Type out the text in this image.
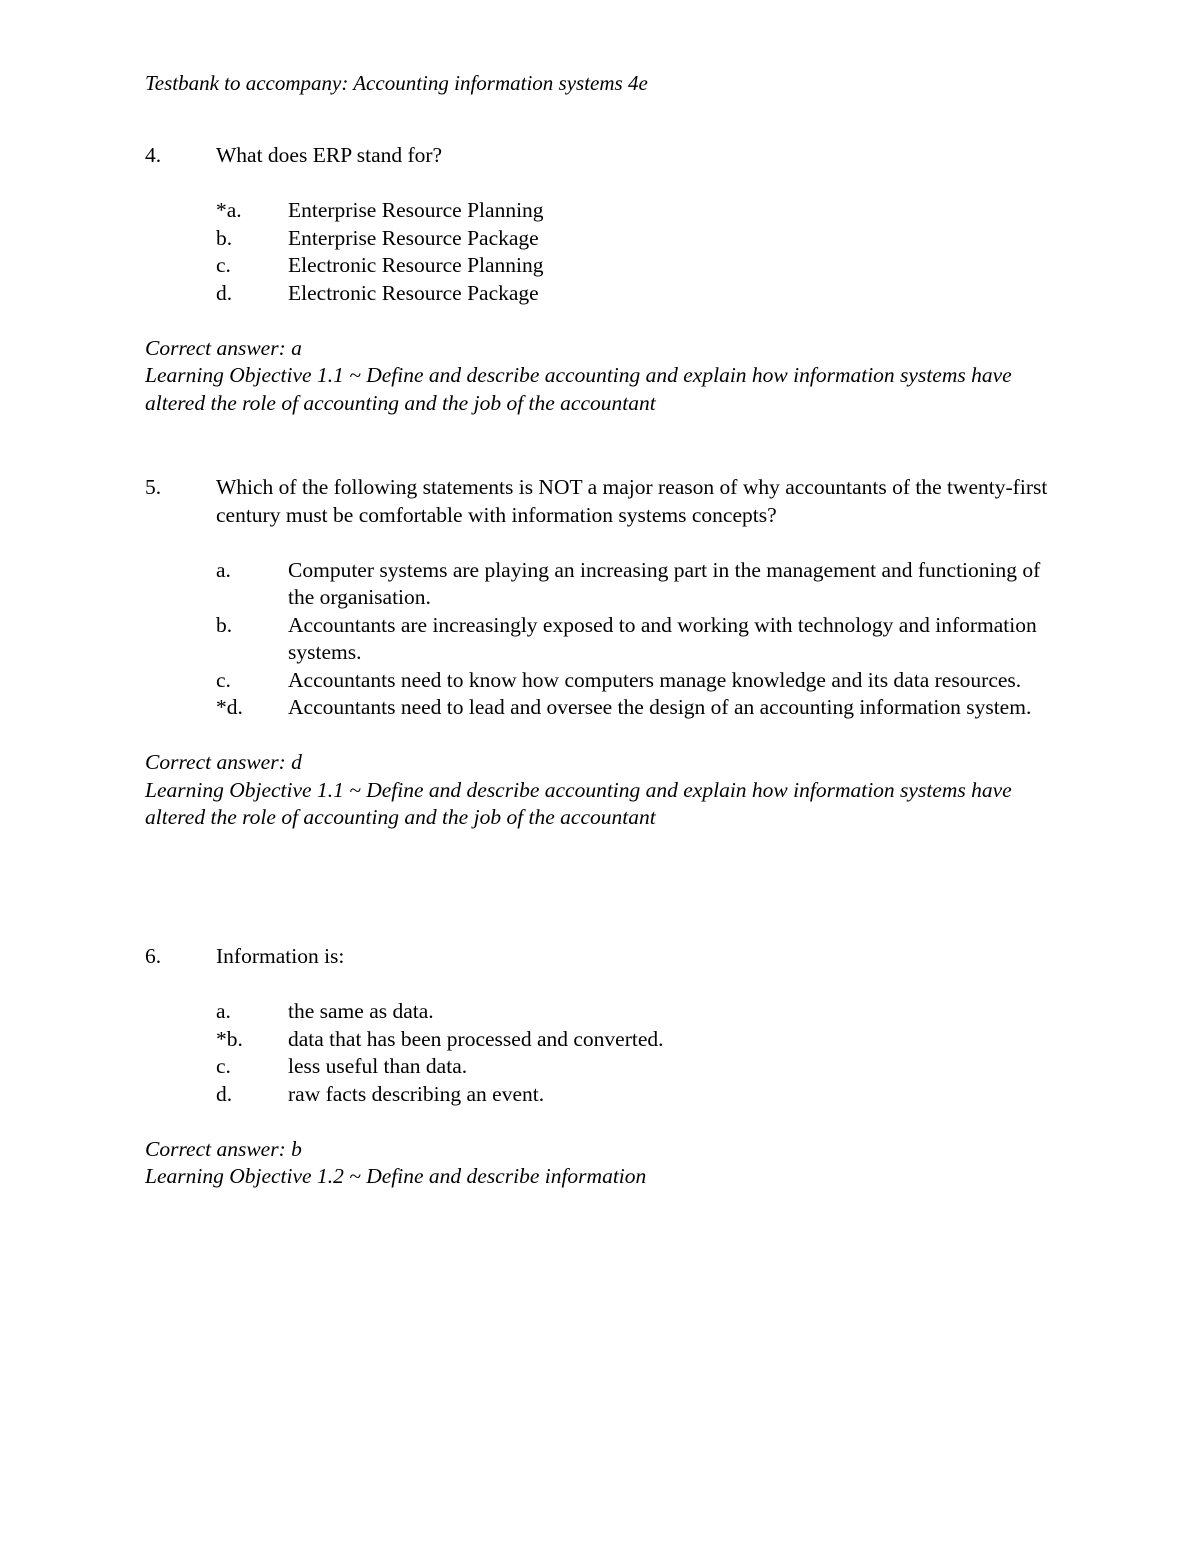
Testbank to accompany: Accounting information systems 4e
4.	What does ERP stand for?
*a.	Enterprise Resource Planning
b.	Enterprise Resource Package
c.	Electronic Resource Planning
d.	Electronic Resource Package
Correct answer: a
Learning Objective 1.1 ~ Define and describe accounting and explain how information systems have altered the role of accounting and the job of the accountant
5.	Which of the following statements is NOT a major reason of why accountants of the twenty-first century must be comfortable with information systems concepts?
a.	Computer systems are playing an increasing part in the management and functioning of the organisation.
b.	Accountants are increasingly exposed to and working with technology and information systems.
c.	Accountants need to know how computers manage knowledge and its data resources.
*d.	Accountants need to lead and oversee the design of an accounting information system.
Correct answer: d
Learning Objective 1.1 ~ Define and describe accounting and explain how information systems have altered the role of accounting and the job of the accountant
6.	Information is:
a.	the same as data.
*b.	data that has been processed and converted.
c.	less useful than data.
d.	raw facts describing an event.
Correct answer: b
Learning Objective 1.2 ~ Define and describe information
